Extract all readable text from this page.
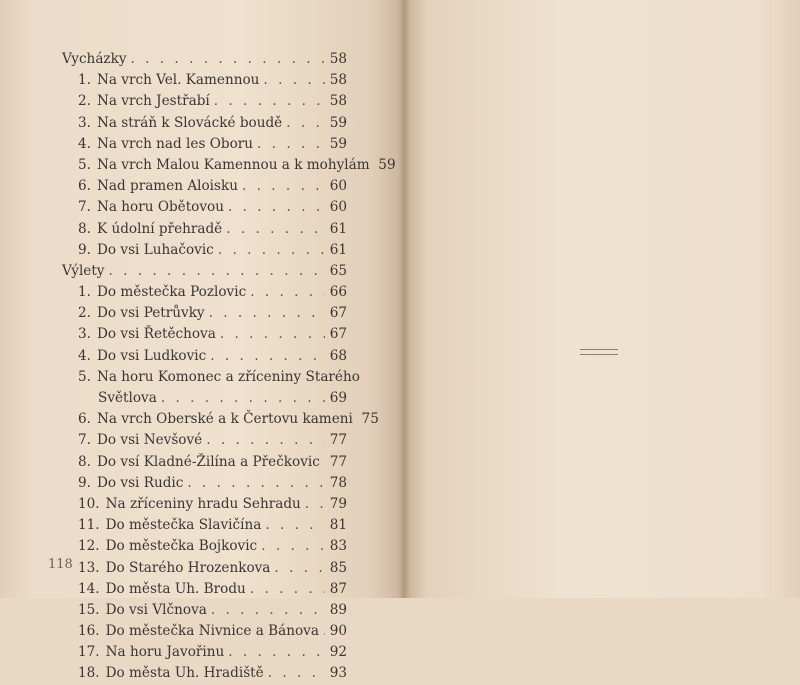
Vycházky . . .	58
1. Na vrch Vel. Kamennou . . .	58
2. Na vrch Jestřabí . . .	58
3. Na stráň k Slovácké boudě . . .	59
4. Na vrch nad les Oboru . . .	59
5. Na vrch Malou Kamennou a k mohylám 59
6. Nad pramen Aloisku . . .	60
7. Na horu Obětovou . . .	60
8. K údolní přehradě . . .	61
9. Do vsi Luhačovic . . .	61
Výlety . . .	65
1. Do městečka Pozlovic . . .	66
2. Do vsi Petrůvky . . .	67
3. Do vsi Řetěchova . . .	67
4. Do vsi Ludkovic . . .	68
5. Na horu Komonec a zříceniny Starého
Světlova . . .	69
6. Na vrch Oberské a k Čertovu kameni 75
7. Do vsi Nevšové . . .	77
8. Do vsí Kladné-Žilína a Přečkovic . . . 77
9. Do vsi Rudic . . .	78
10. Na zříceniny hradu Sehradu . . . 79
11. Do městečka Slavičína . . .	81
12. Do městečka Bojkovic . . .	83
13. Do Starého Hrozenkova . . .	85
14. Do města Uh. Brodu . . .	87
15. Do vsi Vlčnova . . .	89
16. Do městečka Nivnice a Bánova . . . 90
17. Na horu Javořinu . . .	92
18. Do města Uh. Hradiště . . .	93
118
